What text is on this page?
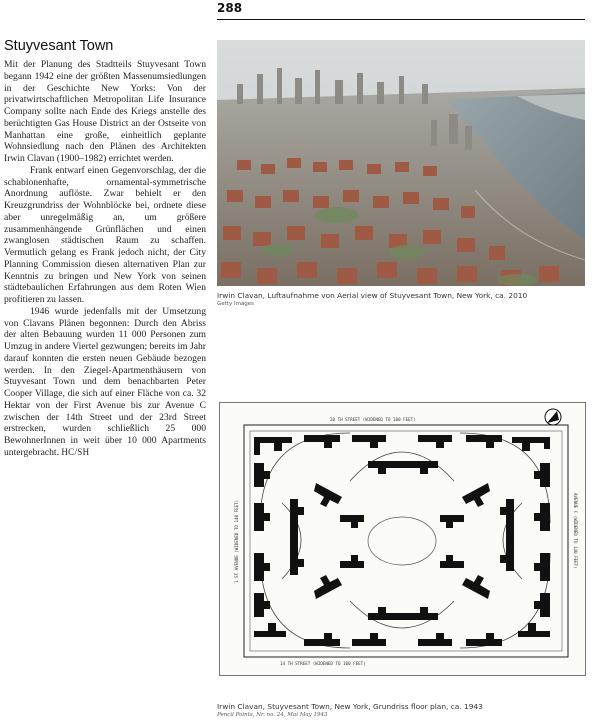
288
Stuyvesant Town

Mit der Planung des Stadtteils Stuyvesant Town begann 1942 eine der größten Massenumsiedlungen in der Geschichte New Yorks: Von der privatwirtschaftlichen Metropolitan Life Insurance Company sollte nach Ende des Kriegs anstelle des berüchtigten Gas House District an der Ostseite von Manhattan eine große, einheitlich geplante Wohnsiedlung nach den Plänen des Architekten Irwin Clavan (1900–1982) errichtet werden.

Frank entwarf einen Gegenvorschlag, der die schablonenhafte, ornamental-symmetrische Anordnung auflöste. Zwar behielt er den Kreuzgrundriss der Wohnblöcke bei, ordnete diese aber unregelmäßig an, um größere zusammenhängende Grünflächen und einen zwanglosen städtischen Raum zu schaffen. Vermutlich gelang es Frank jedoch nicht, der City Planning Commission diesen alternativen Plan zur Kenntnis zu bringen und New York von seinen städtebaulichen Erfahrungen aus dem Roten Wien profitieren zu lassen.

1946 wurde jedenfalls mit der Umsetzung von Clavans Plänen begonnen: Durch den Abriss der alten Bebauung wurden 11 000 Personen zum Umzug in andere Viertel gezwungen; bereits im Jahr darauf konnten die ersten neuen Gebäude bezogen werden. In den Ziegel-Apartmenthäusern von Stuyvesant Town und dem benachbarten Peter Cooper Village, die sich auf einer Fläche von ca. 32 Hektar von der First Avenue bis zur Avenue C zwischen der 14th Street und der 23rd Street erstrecken, wurden schließlich 25 000 BewohnerInnen in weit über 10 000 Apartments untergebracht. HC/SH

Irwin Clavan, Luftaufnahme von Aerial view of Stuyvesant Town, New York, ca. 2010
Getty Images
20 TH STREET (WIDENED TO 100 FEET)
14 TH STREET (WIDENED TO 100 FEET)
1 ST AVENUE (WIDENED TO 140 FEET)	AVENUE C (WIDENED TO 140 FEET)
Irwin Clavan, Stuyvesant Town, New York, Grundriss floor plan, ca. 1943
Pencil Points, Nr. no. 24, Mai May 1943
